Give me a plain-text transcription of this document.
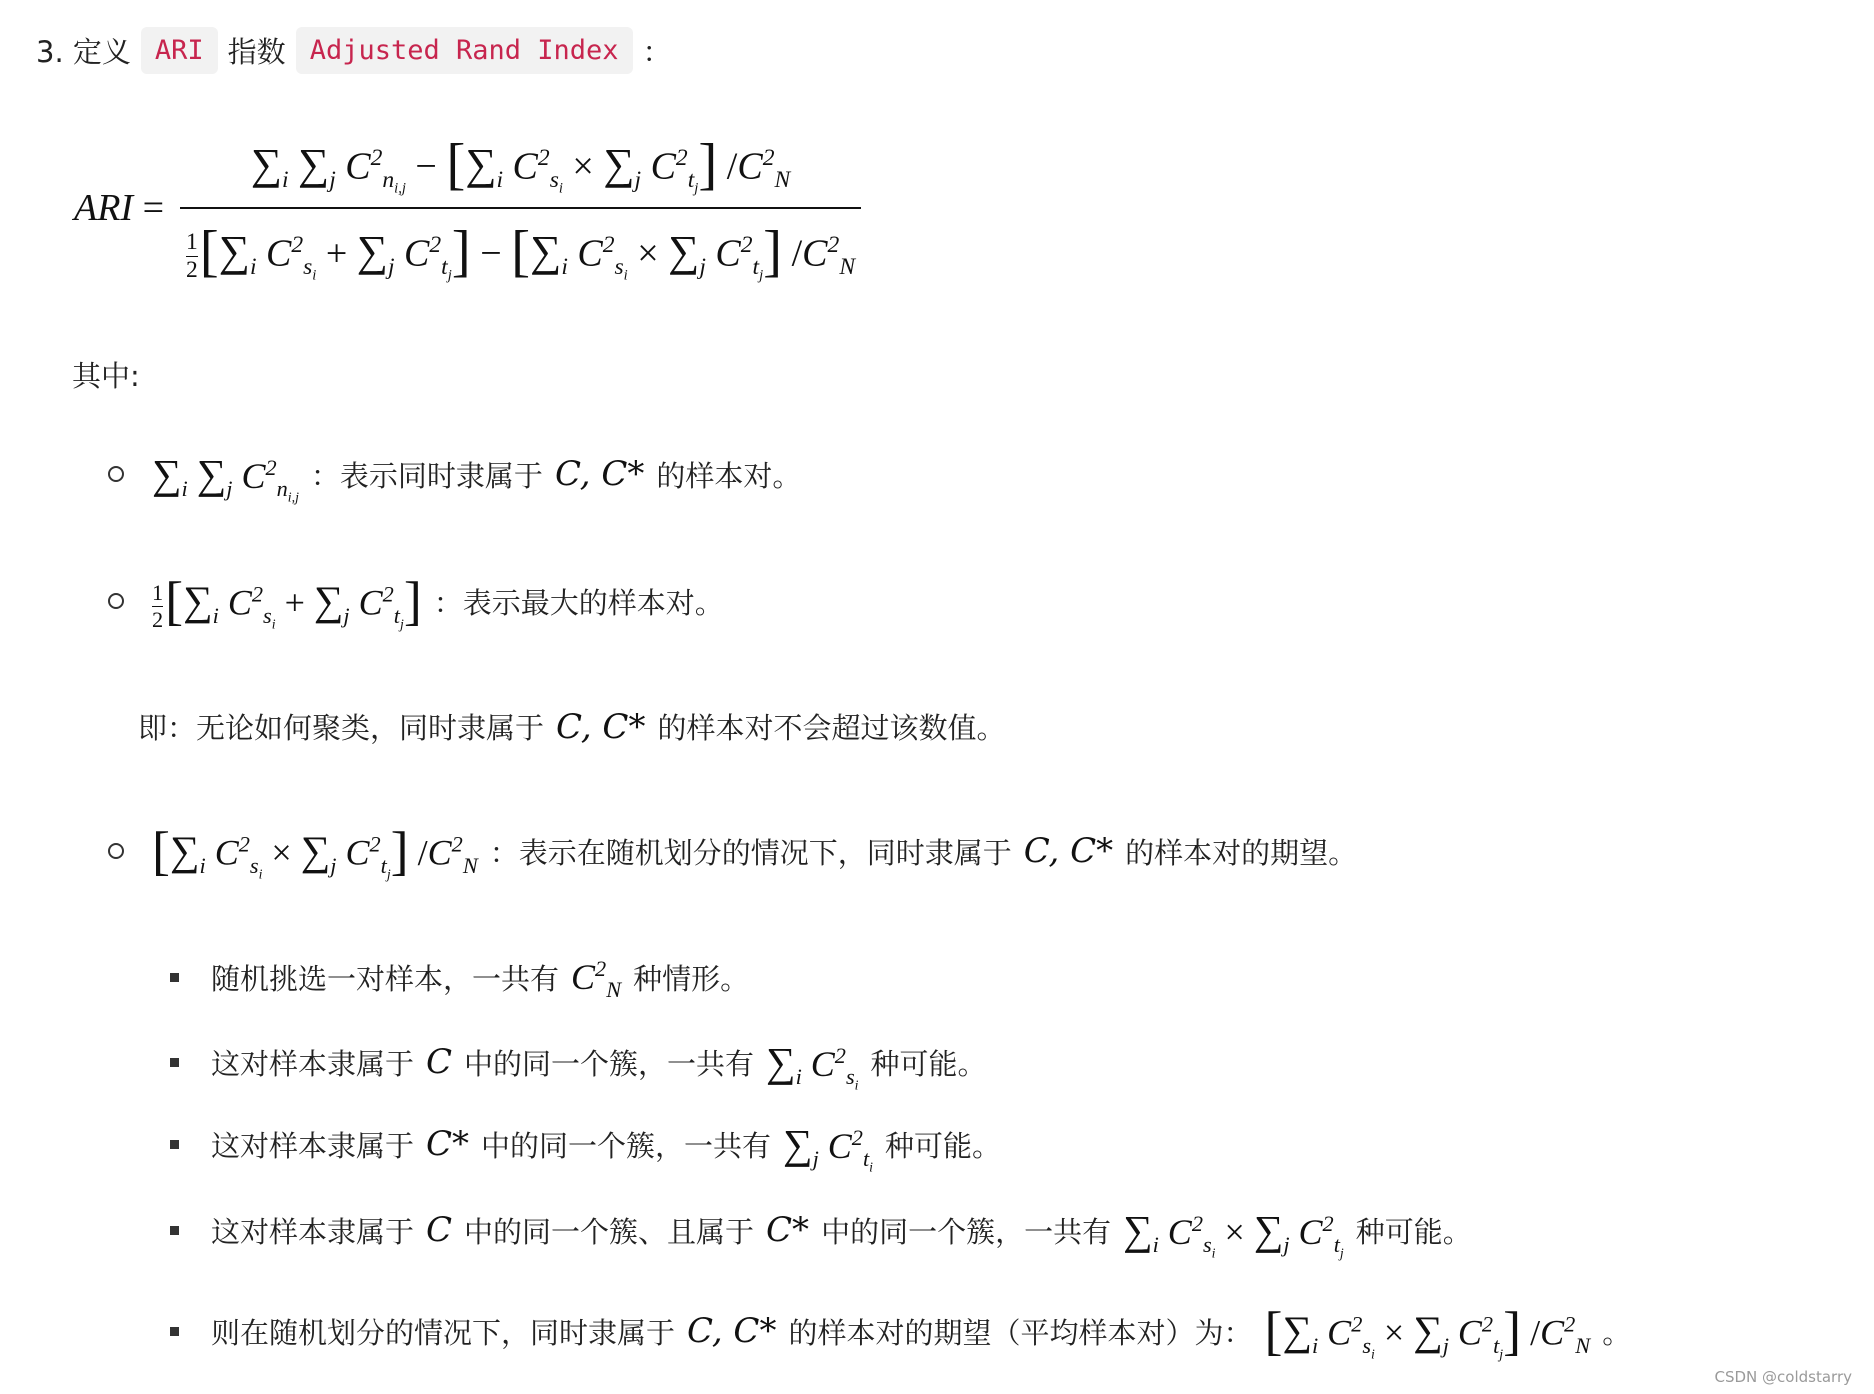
3. 定义 ARI 指数 Adjusted Rand Index ：
ARI = $\frac{\sum_i \sum_j C^2_{n_{i,j}} - [\sum_i C^2_{s_i} \times \sum_j C^2_{t_j}] /C^2_N}{\frac{1}{2} [\sum_i C^2_{s_i} + \sum_j C^2_{t_j}] - [\sum_i C^2_{s_i} \times \sum_j C^2_{t_j}] /C^2_N}$
其中:
$\sum_i$ $\sum_j$ $C^2_{n_{i,j}}$
：表示同时隶属于 C, C* 的样本对。
$\frac{1}{2} [\sum_i$ $C^2_{s_i} + \sum_j$ $C^2_{t_j}$] ：表示最大的样本对。
即：无论如何聚类，同时隶属于 C, C* 的样本对不会超过该数值。
[$\sum_i$ $C^2_{s_i} \times \sum_j$ $C^2_{t_j}$] $/C^2_N$ ：表示在随机划分的情况下，同时隶属于 C, C* 的样本对的期望。
随机挑选一对样本，一共有 $C^2_N$ 种情形。
这对样本隶属于 C 中的同一个簇，一共有 $\sum_i$ $C^2_{s_i}$
种可能。
这对样本隶属于 C* 中的同一个簇，一共有 $\sum_j$ $C^2_{t_i}$
种可能。
这对样本隶属于 C 中的同一个簇、且属于 C* 中的同一个簇，一共有 $\sum_i$ $C^2_{s_i} \times \sum_j$ $C^2_{t_j}$
种可能。
则在随机划分的情况下，同时隶属于 C, C* 的样本对的期望（平均样本对）为： [$\sum_i$ $C^2_{s_i} \times \sum_j$ $C^2_{t_j}$] $/C^2_N$ 。
CSDN @coldstarry
